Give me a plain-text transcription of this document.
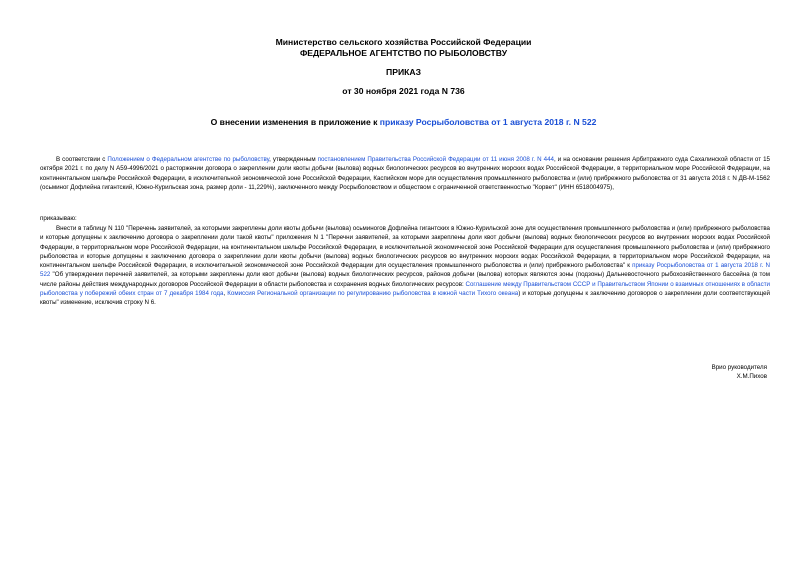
Министерство сельского хозяйства Российской Федерации
ФЕДЕРАЛЬНОЕ АГЕНТСТВО ПО РЫБОЛОВСТВУ
ПРИКАЗ
от 30 ноября 2021 года N 736
О внесении изменения в приложение к приказу Росрыболовства от 1 августа 2018 г. N 522
В соответствии с Положением о Федеральном агентстве по рыболовству, утвержденным постановлением Правительства Российской Федерации от 11 июня 2008 г. N 444, и на основании решения Арбитражного суда Сахалинской области от 15 октября 2021 г. по делу N А59-4996/2021 о расторжении договора о закреплении доли квоты добычи (вылова) водных биологических ресурсов во внутренних морских водах Российской Федерации, в территориальном море Российской Федерации, на континентальном шельфе Российской Федерации, в исключительной экономической зоне Российской Федерации, Каспийском море для осуществления промышленного рыболовства и (или) прибрежного рыболовства от 31 августа 2018 г. N ДВ-М-1562 (осьминог Дофлейна гигантский, Южно-Курильская зона, размер доли - 11,229%), заключенного между Росрыболовством и обществом с ограниченной ответственностью "Корвет" (ИНН 6518004975),
приказываю:
Внести в таблицу N 110 "Перечень заявителей, за которыми закреплены доли квоты добычи (вылова) осьминогов Дофлейна гигантских в Южно-Курильской зоне для осуществления промышленного рыболовства и (или) прибрежного рыболовства и которые допущены к заключению договора о закреплении доли такой квоты" приложения N 1 "Перечни заявителей, за которыми закреплены доли квот добычи (вылова) водных биологических ресурсов во внутренних морских водах Российской Федерации, в территориальном море Российской Федерации, на континентальном шельфе Российской Федерации, в исключительной экономической зоне Российской Федерации для осуществления промышленного рыболовства и (или) прибрежного рыболовства и которые допущены к заключению договора о закреплении доли квоты добычи (вылова) водных биологических ресурсов во внутренних морских водах Российской Федерации, в территориальном море Российской Федерации, на континентальном шельфе Российской Федерации, в исключительной экономической зоне Российской Федерации для осуществления промышленного рыболовства и (или) прибрежного рыболовства" к приказу Росрыболовства от 1 августа 2018 г. N 522 "Об утверждении перечней заявителей, за которыми закреплены доли квот добычи (вылова) водных биологических ресурсов, районов добычи (вылова) которых являются зоны (подзоны) Дальневосточного рыбохозяйственного бассейна (в том числе районы действия международных договоров Российской Федерации в области рыболовства и сохранения водных биологических ресурсов: Соглашение между Правительством СССР и Правительством Японии о взаимных отношениях в области рыболовства у побережий обеих стран от 7 декабря 1984 года, Комиссия Региональной организации по регулированию рыболовства в южной части Тихого океана) и которые допущены к заключению договоров о закреплении доли соответствующей квоты" изменение, исключив строку N 6.
Врио руководителя
Х.М.Пихов
